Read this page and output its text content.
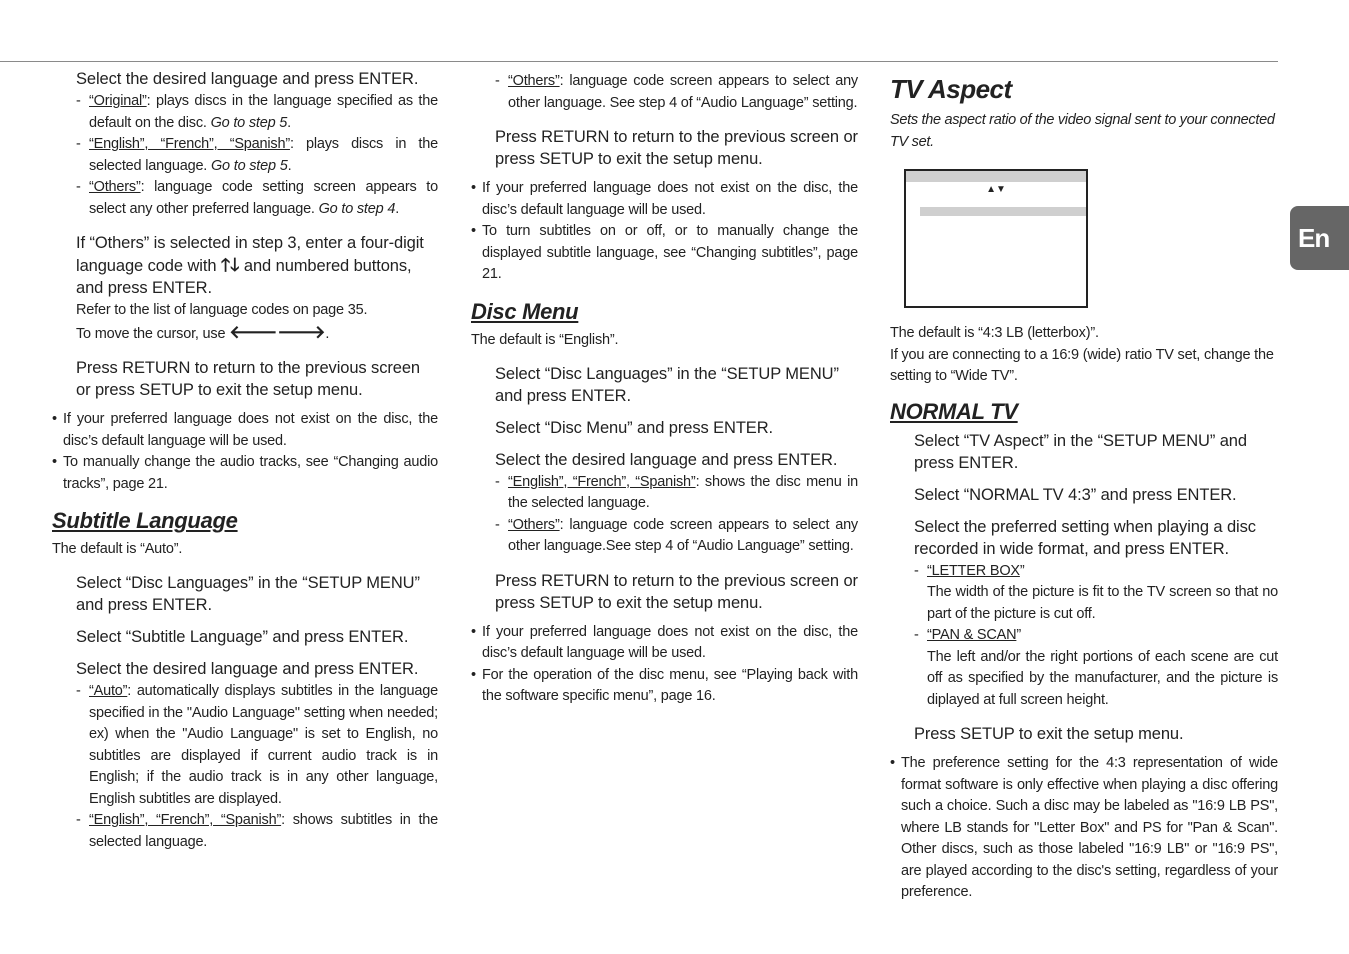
Select the desired language and press ENTER.
- “Original”: plays discs in the language specified as the default on the disc. Go to step 5.
- “English”, “French”, “Spanish”: plays discs in the selected language. Go to step 5.
- “Others”: language code setting screen appears to select any other preferred language. Go to step 4.
If “Others” is selected in step 3, enter a four-digit language code with 🡑🡓 and numbered buttons, and press ENTER.
Refer to the list of language codes on page 35.
To move the cursor, use 🡐🡒.
Press RETURN to return to the previous screen or press SETUP to exit the setup menu.
• If your preferred language does not exist on the disc, the disc’s default language will be used.
• To manually change the audio tracks, see “Changing audio tracks”, page 21.
Subtitle Language
The default is “Auto”.
Select “Disc Languages” in the “SETUP MENU” and press ENTER.
Select “Subtitle Language” and press ENTER.
Select the desired language and press ENTER.
- “Auto”: automatically displays subtitles in the language specified in the "Audio Language" setting when needed; ex) when the "Audio Language" is set to English, no subtitles are displayed if current audio track is in English; if the audio track is in any other language, English subtitles are displayed.
- “English”, “French”, “Spanish”: shows subtitles in the selected language.
- “Others”: language code screen appears to select any other language. See step 4 of “Audio Language” setting.
Press RETURN to return to the previous screen or press SETUP to exit the setup menu.
• If your preferred language does not exist on the disc, the disc’s default language will be used.
• To turn subtitles on or off, or to manually change the displayed subtitle language, see “Changing subtitles”, page 21.
Disc Menu
The default is “English”.
Select “Disc Languages” in the “SETUP MENU” and press ENTER.
Select “Disc Menu” and press ENTER.
Select the desired language and press ENTER.
- “English”, “French”, “Spanish”: shows the disc menu in the selected language.
- “Others”: language code screen appears to select any other language.See step 4 of “Audio Language” setting.
Press RETURN to return to the previous screen or press SETUP to exit the setup menu.
• If your preferred language does not exist on the disc, the disc’s default language will be used.
• For the operation of the disc menu, see “Playing back with the software specific menu”, page 16.
TV Aspect
Sets the aspect ratio of the video signal sent to your connected TV set.
The default is “4:3 LB (letterbox)”.
If you are connecting to a 16:9 (wide) ratio TV set, change the setting to “Wide TV”.
NORMAL TV
Select “TV Aspect” in the “SETUP MENU” and press ENTER.
Select “NORMAL TV 4:3” and press ENTER.
Select the preferred setting when playing a disc recorded in wide format, and press ENTER.
- “LETTER BOX”
The width of the picture is fit to the TV screen so that no part of the picture is cut off.
- “PAN & SCAN”
The left and/or the right portions of each scene are cut off as specified by the manufacturer, and the picture is diplayed at full screen height.
Press SETUP to exit the setup menu.
• The preference setting for the 4:3 representation of wide format software is only effective when playing a disc offering such a choice. Such a disc may be labeled as "16:9 LB PS", where LB stands for "Letter Box" and PS for "Pan & Scan". Other discs, such as those labeled "16:9 LB" or "16:9 PS", are played according to the disc's setting, regardless of your preference.
▲▼
En
